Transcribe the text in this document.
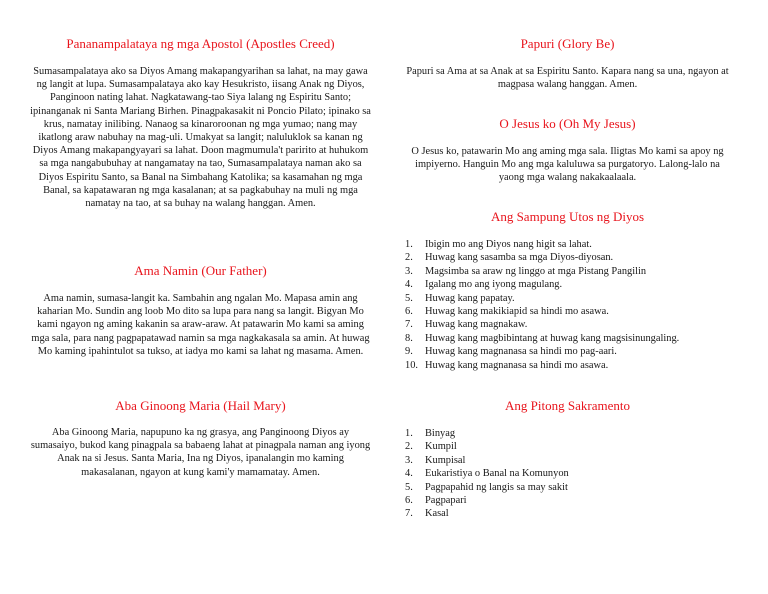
Pananampalataya ng mga Apostol (Apostles Creed)

Sumasampalataya ako sa Diyos Amang makapangyarihan sa lahat, na may gawa ng langit at lupa. Sumasampalataya ako kay Hesukristo, iisang Anak ng Diyos, Panginoon nating lahat. Nagkatawang-tao Siya lalang ng Espiritu Santo; ipinanganak ni Santa Mariang Birhen. Pinagpakasakit ni Poncio Pilato; ipinako sa krus, namatay inilibing. Nanaog sa kinaroroonan ng mga yumao; nang may ikatlong araw nabuhay na mag-uli. Umakyat sa langit; naluluklok sa kanan ng Diyos Amang makapangyayari sa lahat. Doon magmumula't paririto at huhukom sa mga nangabubuhay at nangamatay na tao, Sumasampalataya naman ako sa Diyos Espiritu Santo, sa Banal na Simbahang Katolika; sa kasamahan ng mga Banal, sa kapatawaran ng mga kasalanan; at sa pagkabuhay na muli ng mga namatay na tao, at sa buhay na walang hanggan. Amen.

Ama Namin (Our Father)

Ama namin, sumasa-langit ka. Sambahin ang ngalan Mo. Mapasa amin ang kaharian Mo. Sundin ang loob Mo dito sa lupa para nang sa langit. Bigyan Mo kami ngayon ng aming kakanin sa araw-araw. At patawarin Mo kami sa aming mga sala, para nang pagpapatawad namin sa mga nagkakasala sa amin. At huwag Mo kaming ipahintulot sa tukso, at iadya mo kami sa lahat ng masama. Amen.

Aba Ginoong Maria (Hail Mary)

Aba Ginoong Maria, napupuno ka ng grasya, ang Panginoong Diyos ay sumasaiyo, bukod kang pinagpala sa babaeng lahat at pinagpala naman ang iyong Anak na si Jesus. Santa Maria, Ina ng Diyos, ipanalangin mo kaming makasalanan, ngayon at kung kami'y mamamatay. Amen.

Papuri (Glory Be)

Papuri sa Ama at sa Anak at sa Espiritu Santo. Kapara nang sa una, ngayon at magpasa walang hanggan. Amen.

O Jesus ko (Oh My Jesus)

O Jesus ko, patawarin Mo ang aming mga sala. Iligtas Mo kami sa apoy ng impiyerno. Hanguin Mo ang mga kaluluwa sa purgatoryo. Lalong-lalo na yaong mga walang nakakaalaala.

Ang Sampung Utos ng Diyos
1. Ibigin mo ang Diyos nang higit sa lahat.
2. Huwag kang sasamba sa mga Diyos-diyosan.
3. Magsimba sa araw ng linggo at mga Pistang Pangilin
4. Igalang mo ang iyong magulang.
5. Huwag kang papatay.
6. Huwag kang makikiapid sa hindi mo asawa.
7. Huwag kang magnakaw.
8. Huwag kang magbibintang at huwag kang magsisinungaling.
9. Huwag kang magnanasa sa hindi mo pag-aari.
10. Huwag kang magnanasa sa hindi mo asawa.
Ang Pitong Sakramento
1. Binyag
2. Kumpil
3. Kumpisal
4. Eukaristiya o Banal na Komunyon
5. Pagpapahid ng langis sa may sakit
6. Pagpapari
7. Kasal
